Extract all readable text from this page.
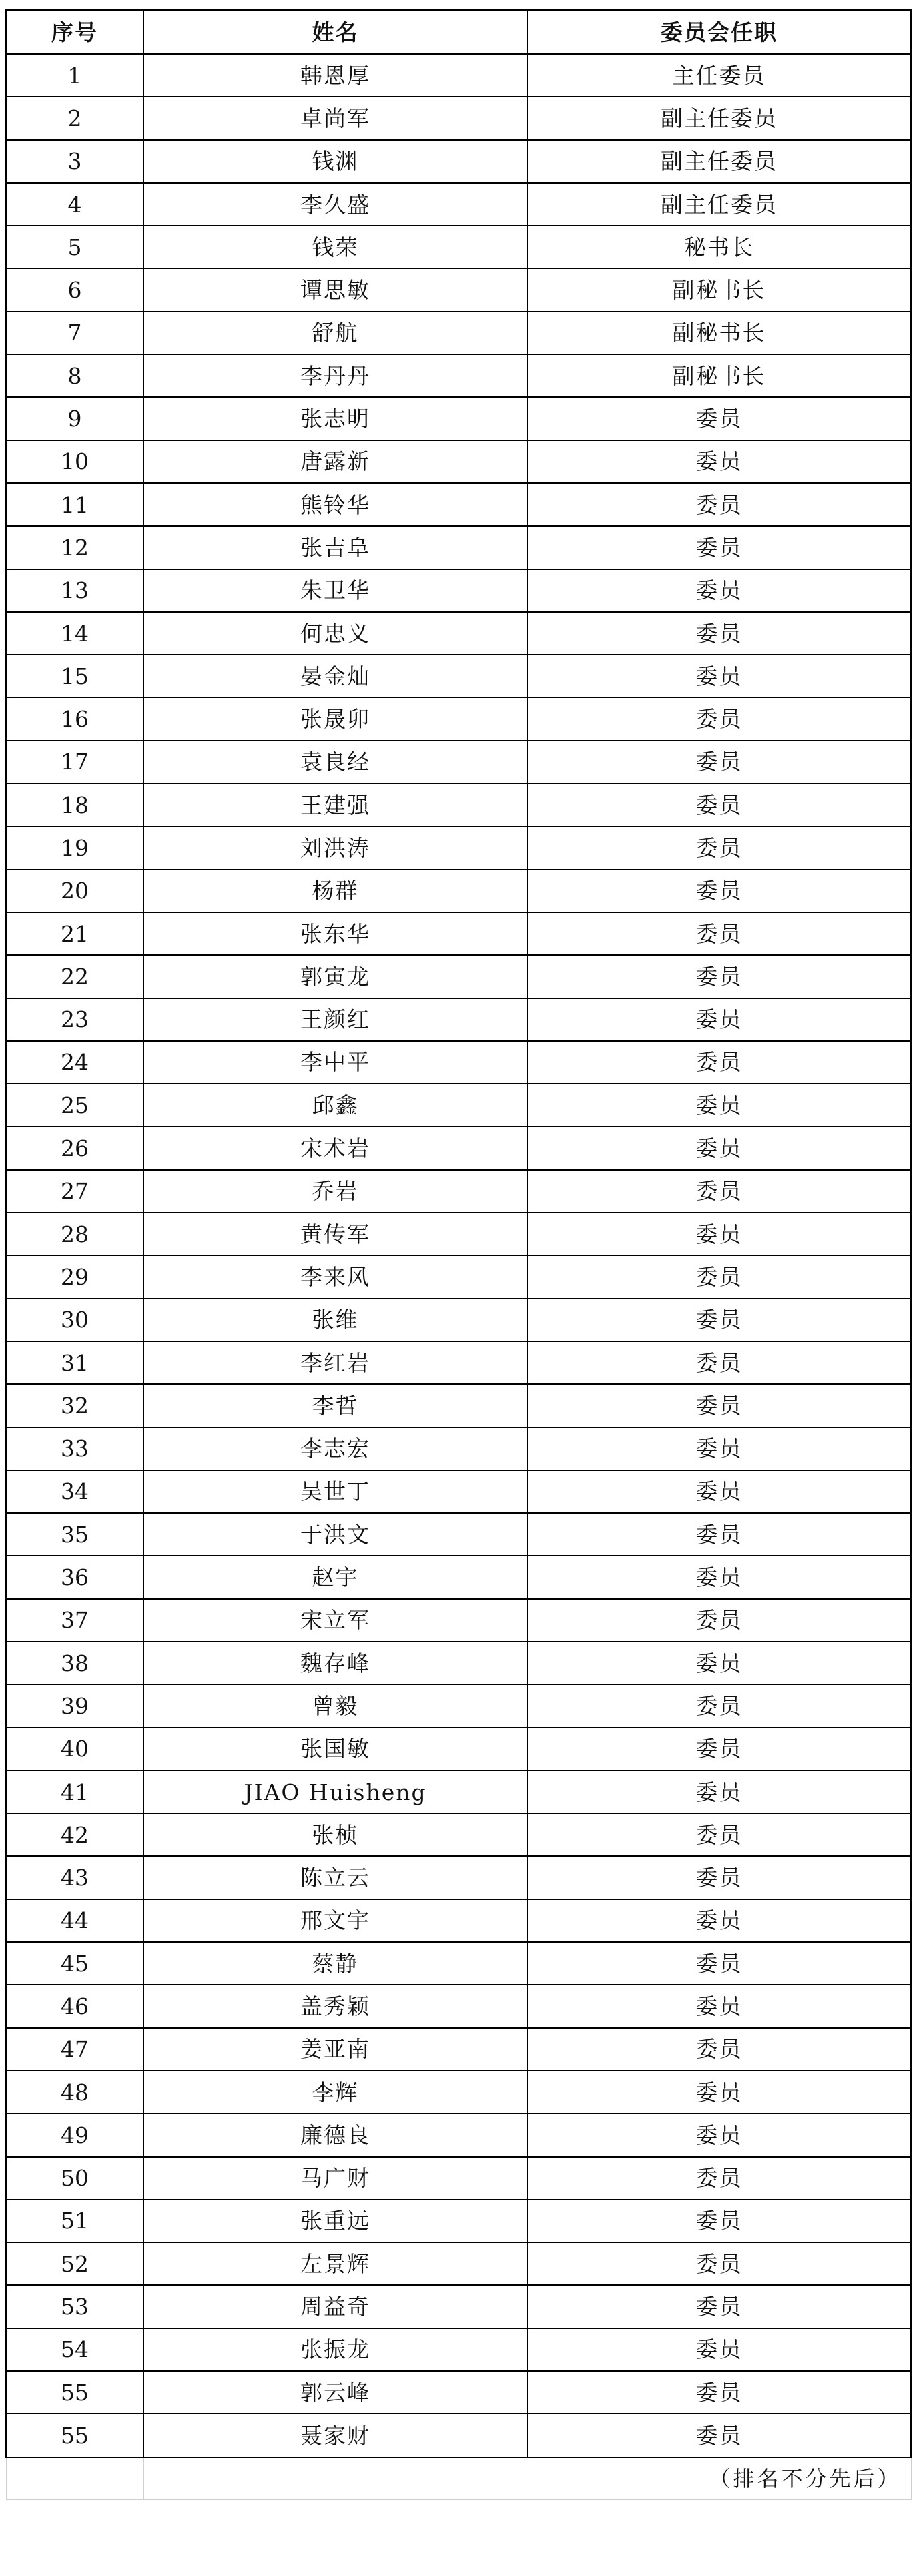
序号	姓名	委员会任职
1	韩恩厚	主任委员
2	卓尚军	副主任委员
3	钱渊	副主任委员
4	李久盛	副主任委员
5	钱荣	秘书长
6	谭思敏	副秘书长
7	舒航	副秘书长
8	李丹丹	副秘书长
9	张志明	委员
10	唐露新	委员
11	熊铃华	委员
12	张吉阜	委员
13	朱卫华	委员
14	何忠义	委员
15	晏金灿	委员
16	张晟卯	委员
17	袁良经	委员
18	王建强	委员
19	刘洪涛	委员
20	杨群	委员
21	张东华	委员
22	郭寅龙	委员
23	王颜红	委员
24	李中平	委员
25	邱鑫	委员
26	宋术岩	委员
27	乔岩	委员
28	黄传军	委员
29	李来风	委员
30	张维	委员
31	李红岩	委员
32	李哲	委员
33	李志宏	委员
34	吴世丁	委员
35	于洪文	委员
36	赵宇	委员
37	宋立军	委员
38	魏存峰	委员
39	曾毅	委员
40	张国敏	委员
41	JIAO Huisheng	委员
42	张桢	委员
43	陈立云	委员
44	邢文宇	委员
45	蔡静	委员
46	盖秀颖	委员
47	姜亚南	委员
48	李辉	委员
49	廉德良	委员
50	马广财	委员
51	张重远	委员
52	左景辉	委员
53	周益奇	委员
54	张振龙	委员
55	郭云峰	委员
55	聂家财	委员
	（排名不分先后）	
